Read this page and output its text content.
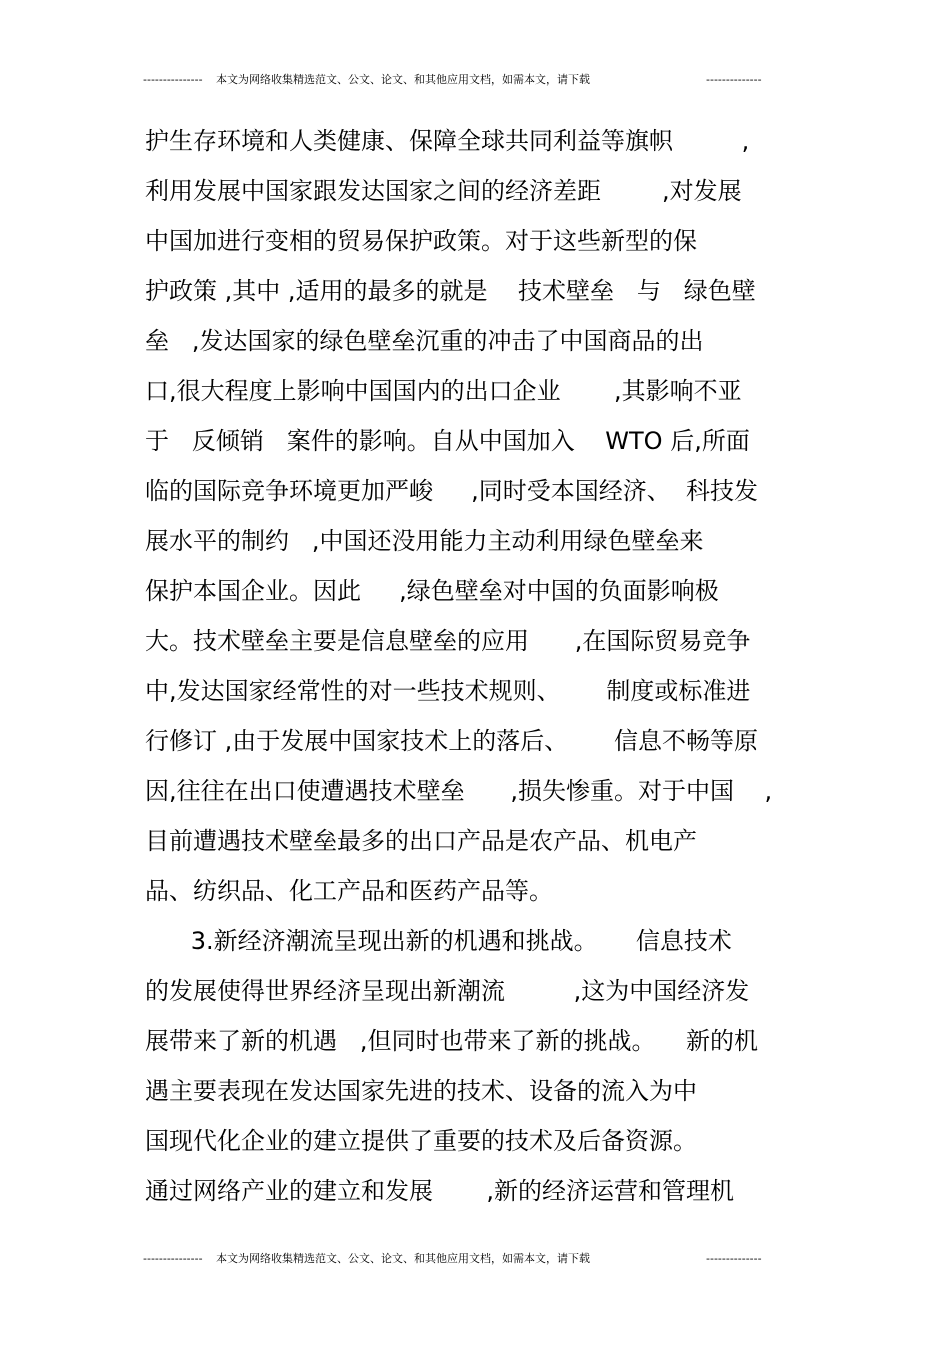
--------------- 本文为网络收集精选范文、公文、论文、和其他应用文档，如需本文，请下载	--------------
护生存环境和人类健康、保障全球共同利益等旗帜         ,
利用发展中国家跟发达国家之间的经济差距        ,对发展
中国加进行变相的贸易保护政策。对于这些新型的保
护政策 ,其中 ,适用的最多的就是    技术壁垒   与   绿色壁
垒   ,发达国家的绿色壁垒沉重的冲击了中国商品的出
口,很大程度上影响中国国内的出口企业       ,其影响不亚
于   反倾销   案件的影响。自从中国加入    WTO 后,所面
临的国际竞争环境更加严峻     ,同时受本国经济、  科技发
展水平的制约   ,中国还没用能力主动利用绿色壁垒来
保护本国企业。因此     ,绿色壁垒对中国的负面影响极
大。技术壁垒主要是信息壁垒的应用      ,在国际贸易竞争
中,发达国家经常性的对一些技术规则、      制度或标准进
行修订 ,由于发展中国家技术上的落后、      信息不畅等原
因,往往在出口使遭遇技术壁垒      ,损失惨重。对于中国    ,
目前遭遇技术壁垒最多的出口产品是农产品、机电产
品、纺织品、化工产品和医药产品等。
3.新经济潮流呈现出新的机遇和挑战。     信息技术
的发展使得世界经济呈现出新潮流         ,这为中国经济发
展带来了新的机遇   ,但同时也带来了新的挑战。    新的机
遇主要表现在发达国家先进的技术、设备的流入为中
国现代化企业的建立提供了重要的技术及后备资源。
通过网络产业的建立和发展       ,新的经济运营和管理机
--------------- 本文为网络收集精选范文、公文、论文、和其他应用文档，如需本文，请下载	--------------
